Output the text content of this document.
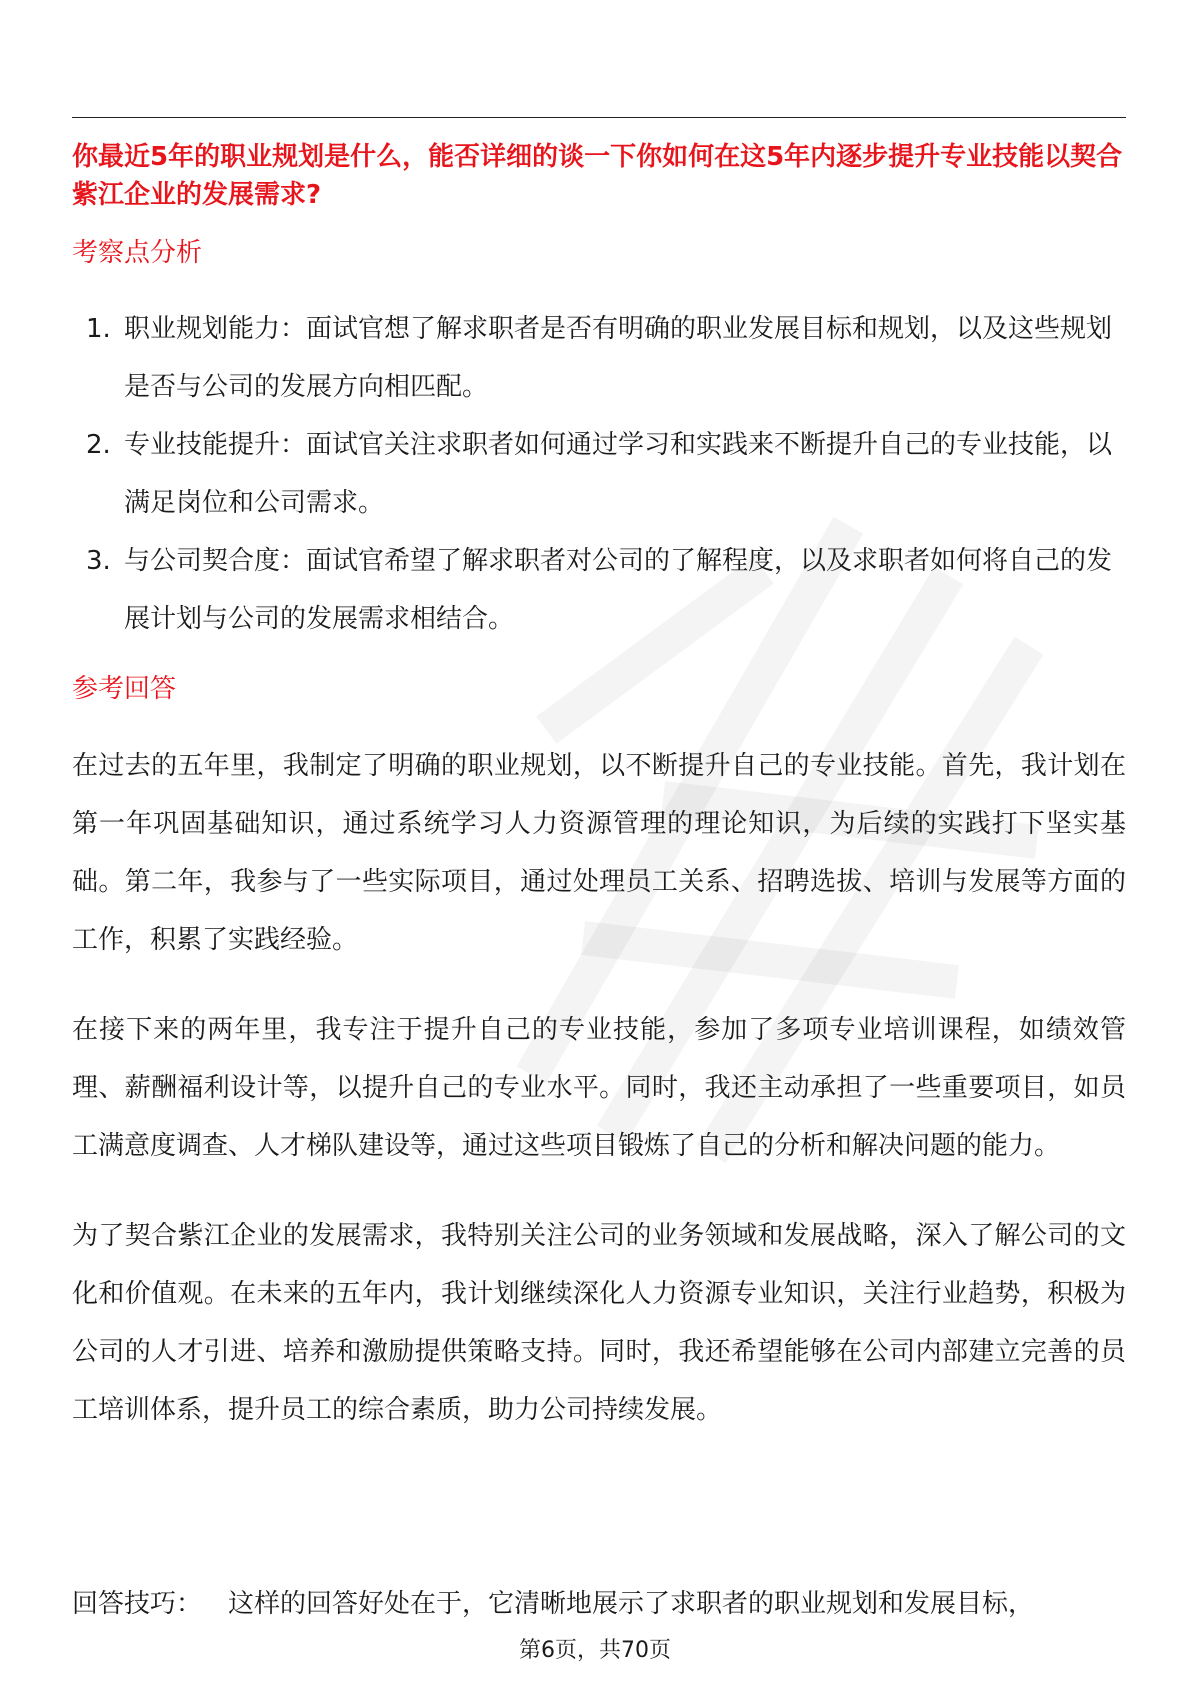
你最近5年的职业规划是什么，能否详细的谈一下你如何在这5年内逐步提升专业技能以契合紫江企业的发展需求?
考察点分析
1. 职业规划能力：面试官想了解求职者是否有明确的职业发展目标和规划，以及这些规划是否与公司的发展方向相匹配。
2. 专业技能提升：面试官关注求职者如何通过学习和实践来不断提升自己的专业技能，以满足岗位和公司需求。
3. 与公司契合度：面试官希望了解求职者对公司的了解程度，以及求职者如何将自己的发展计划与公司的发展需求相结合。
参考回答

在过去的五年里，我制定了明确的职业规划，以不断提升自己的专业技能。首先，我计划在第一年巩固基础知识，通过系统学习人力资源管理的理论知识，为后续的实践打下坚实基础。第二年，我参与了一些实际项目，通过处理员工关系、招聘选拔、培训与发展等方面的工作，积累了实践经验。

在接下来的两年里，我专注于提升自己的专业技能，参加了多项专业培训课程，如绩效管理、薪酬福利设计等，以提升自己的专业水平。同时，我还主动承担了一些重要项目，如员工满意度调查、人才梯队建设等，通过这些项目锻炼了自己的分析和解决问题的能力。

为了契合紫江企业的发展需求，我特别关注公司的业务领域和发展战略，深入了解公司的文化和价值观。在未来的五年内，我计划继续深化人力资源专业知识，关注行业趋势，积极为公司的人才引进、培养和激励提供策略支持。同时，我还希望能够在公司内部建立完善的员工培训体系，提升员工的综合素质，助力公司持续发展。

回答技巧： 这样的回答好处在于，它清晰地展示了求职者的职业规划和发展目标，

第6页，共70页
